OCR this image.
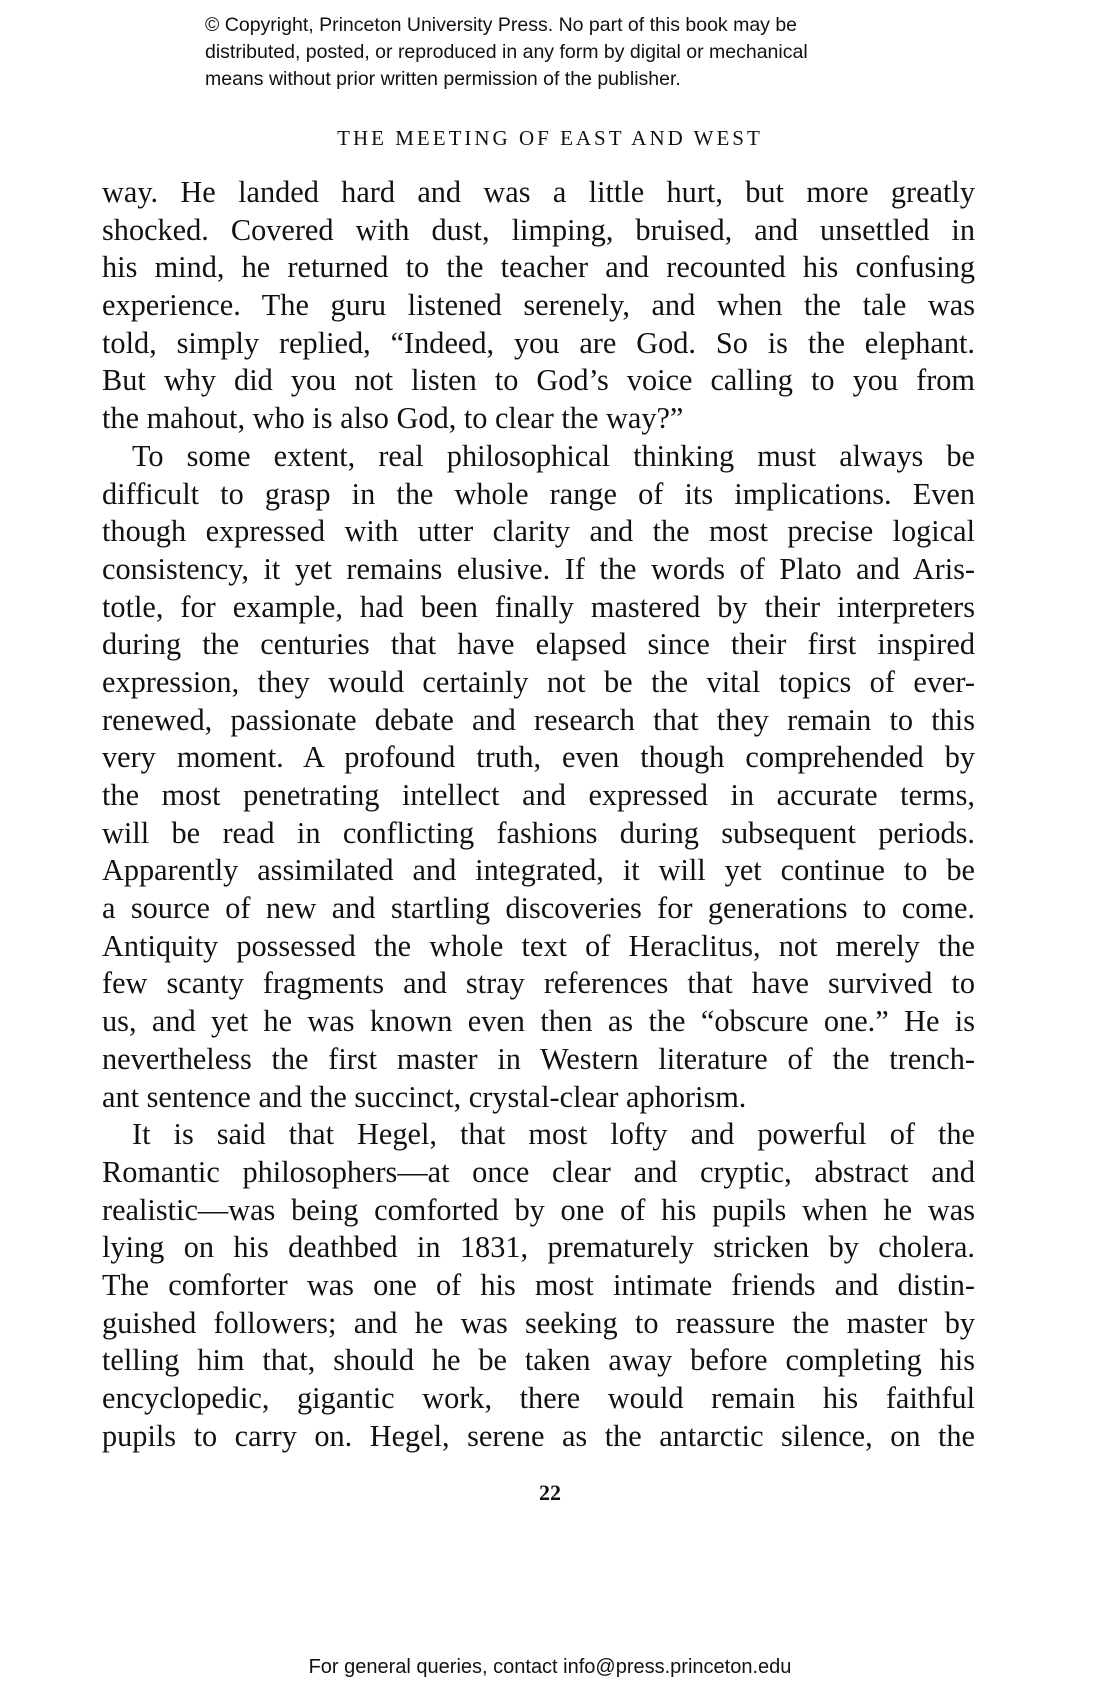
© Copyright, Princeton University Press. No part of this book may be
distributed, posted, or reproduced in any form by digital or mechanical
means without prior written permission of the publisher.
THE MEETING OF EAST AND WEST
way. He landed hard and was a little hurt, but more greatly
shocked. Covered with dust, limping, bruised, and unsettled in
his mind, he returned to the teacher and recounted his confusing
experience. The guru listened serenely, and when the tale was
told, simply replied, “Indeed, you are God. So is the elephant.
But why did you not listen to God’s voice calling to you from
the mahout, who is also God, to clear the way?”
To some extent, real philosophical thinking must always be
difficult to grasp in the whole range of its implications. Even
though expressed with utter clarity and the most precise logical
consistency, it yet remains elusive. If the words of Plato and Aris-
totle, for example, had been finally mastered by their interpreters
during the centuries that have elapsed since their first inspired
expression, they would certainly not be the vital topics of ever-
renewed, passionate debate and research that they remain to this
very moment. A profound truth, even though comprehended by
the most penetrating intellect and expressed in accurate terms,
will be read in conflicting fashions during subsequent periods.
Apparently assimilated and integrated, it will yet continue to be
a source of new and startling discoveries for generations to come.
Antiquity possessed the whole text of Heraclitus, not merely the
few scanty fragments and stray references that have survived to
us, and yet he was known even then as the “obscure one.” He is
nevertheless the first master in Western literature of the trench-
ant sentence and the succinct, crystal-clear aphorism.
It is said that Hegel, that most lofty and powerful of the
Romantic philosophers—at once clear and cryptic, abstract and
realistic—was being comforted by one of his pupils when he was
lying on his deathbed in 1831, prematurely stricken by cholera.
The comforter was one of his most intimate friends and distin-
guished followers; and he was seeking to reassure the master by
telling him that, should he be taken away before completing his
encyclopedic, gigantic work, there would remain his faithful
pupils to carry on. Hegel, serene as the antarctic silence, on the
22
For general queries, contact info@press.princeton.edu
